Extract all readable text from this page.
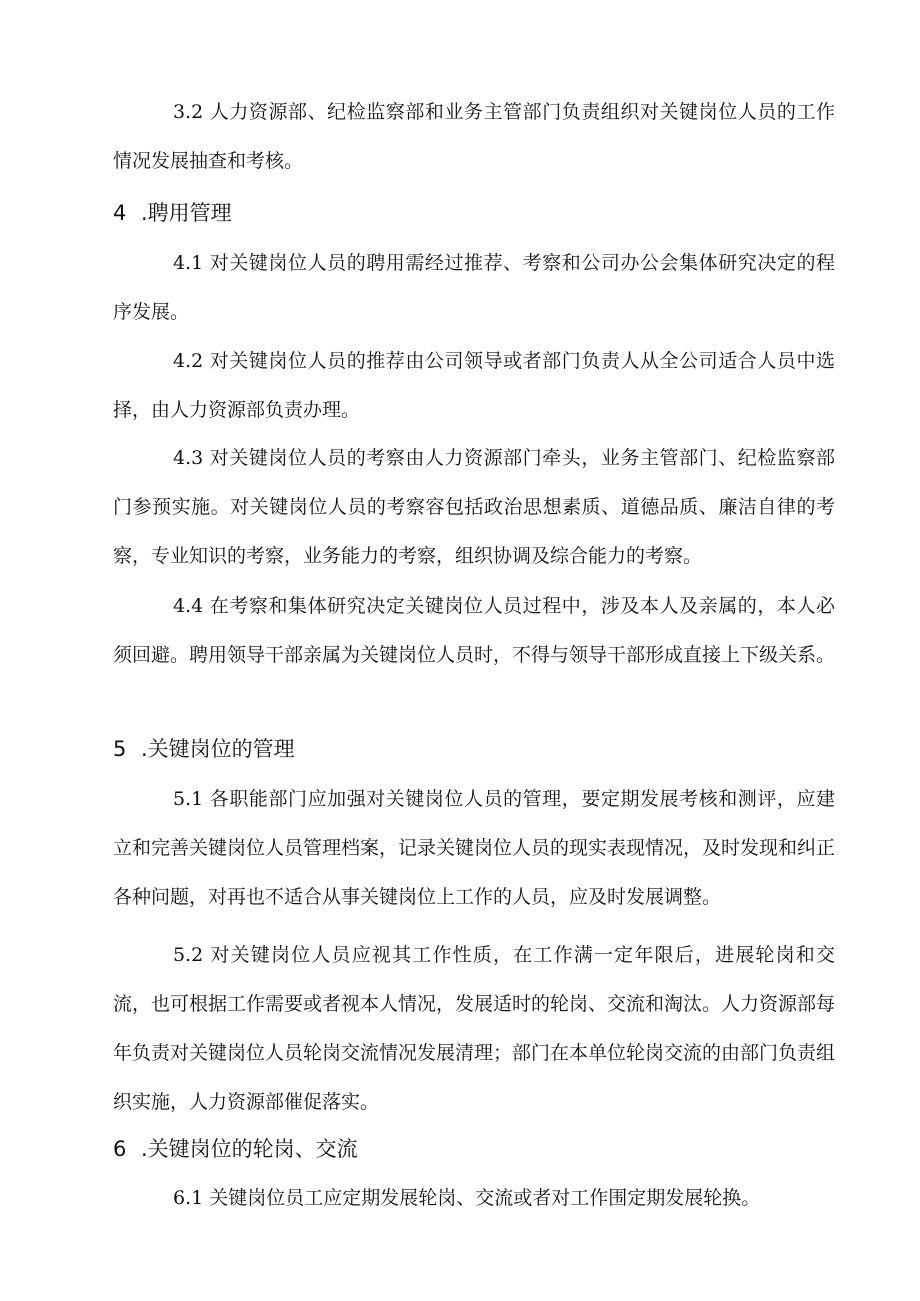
3.2 人力资源部、纪检监察部和业务主管部门负责组织对关键岗位人员的工作情况发展抽查和考核。

4 .聘用管理

4.1 对关键岗位人员的聘用需经过推荐、考察和公司办公会集体研究决定的程序发展。

4.2 对关键岗位人员的推荐由公司领导或者部门负责人从全公司适合人员中选择，由人力资源部负责办理。

4.3 对关键岗位人员的考察由人力资源部门牵头，业务主管部门、纪检监察部门参预实施。对关键岗位人员的考察容包括政治思想素质、道德品质、廉洁自律的考察，专业知识的考察，业务能力的考察，组织协调及综合能力的考察。

4.4 在考察和集体研究决定关键岗位人员过程中，涉及本人及亲属的，本人必须回避。聘用领导干部亲属为关键岗位人员时，不得与领导干部形成直接上下级关系。

5 .关键岗位的管理

5.1 各职能部门应加强对关键岗位人员的管理，要定期发展考核和测评，应建立和完善关键岗位人员管理档案，记录关键岗位人员的现实表现情况，及时发现和纠正各种问题，对再也不适合从事关键岗位上工作的人员，应及时发展调整。

5.2 对关键岗位人员应视其工作性质，在工作满一定年限后，进展轮岗和交流，也可根据工作需要或者视本人情况，发展适时的轮岗、交流和淘汰。人力资源部每年负责对关键岗位人员轮岗交流情况发展清理；部门在本单位轮岗交流的由部门负责组织实施，人力资源部催促落实。

6 .关键岗位的轮岗、交流

6.1 关键岗位员工应定期发展轮岗、交流或者对工作围定期发展轮换。
